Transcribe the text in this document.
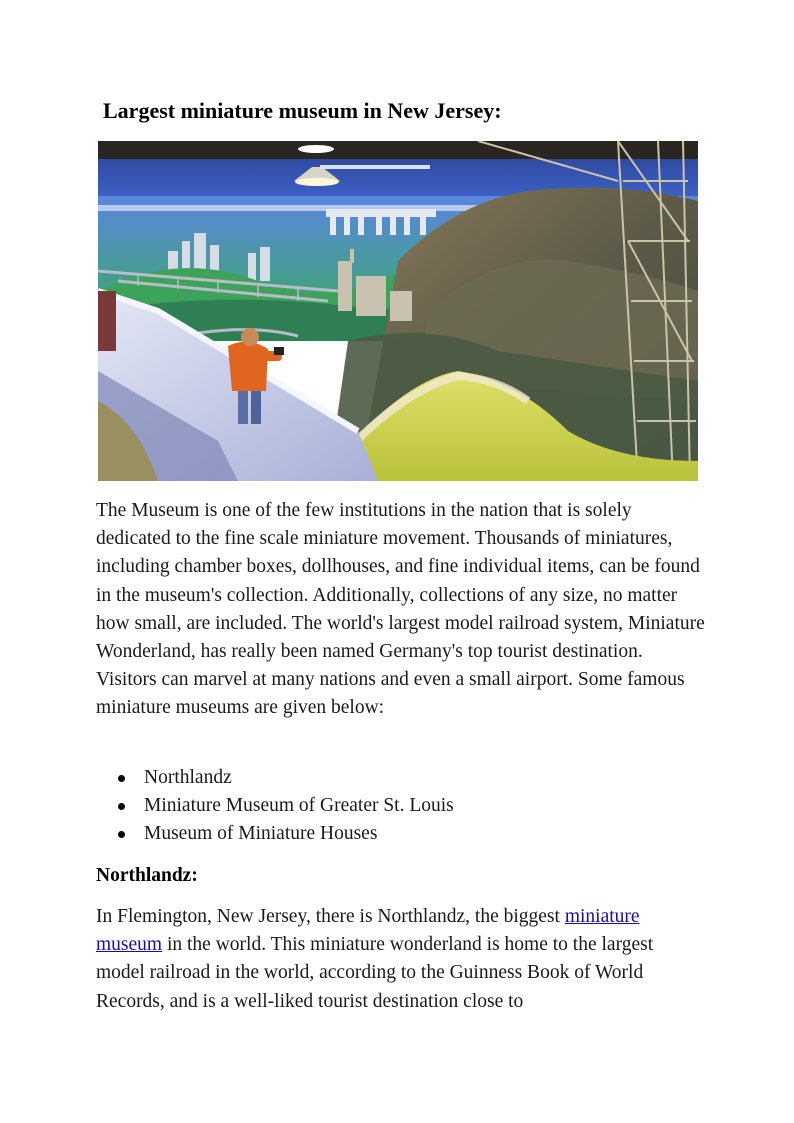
Largest miniature museum in New Jersey:

The Museum is one of the few institutions in the nation that is solely dedicated to the fine scale miniature movement. Thousands of miniatures, including chamber boxes, dollhouses, and fine individual items, can be found in the museum's collection. Additionally, collections of any size, no matter how small, are included. The world's largest model railroad system, Miniature Wonderland, has really been named Germany's top tourist destination. Visitors can marvel at many nations and even a small airport. Some famous miniature museums are given below:

Northlandz
Miniature Museum of Greater St. Louis
Museum of Miniature Houses
Northlandz:

In Flemington, New Jersey, there is Northlandz, the biggest miniature museum in the world. This miniature wonderland is home to the largest model railroad in the world, according to the Guinness Book of World Records, and is a well-liked tourist destination close to
